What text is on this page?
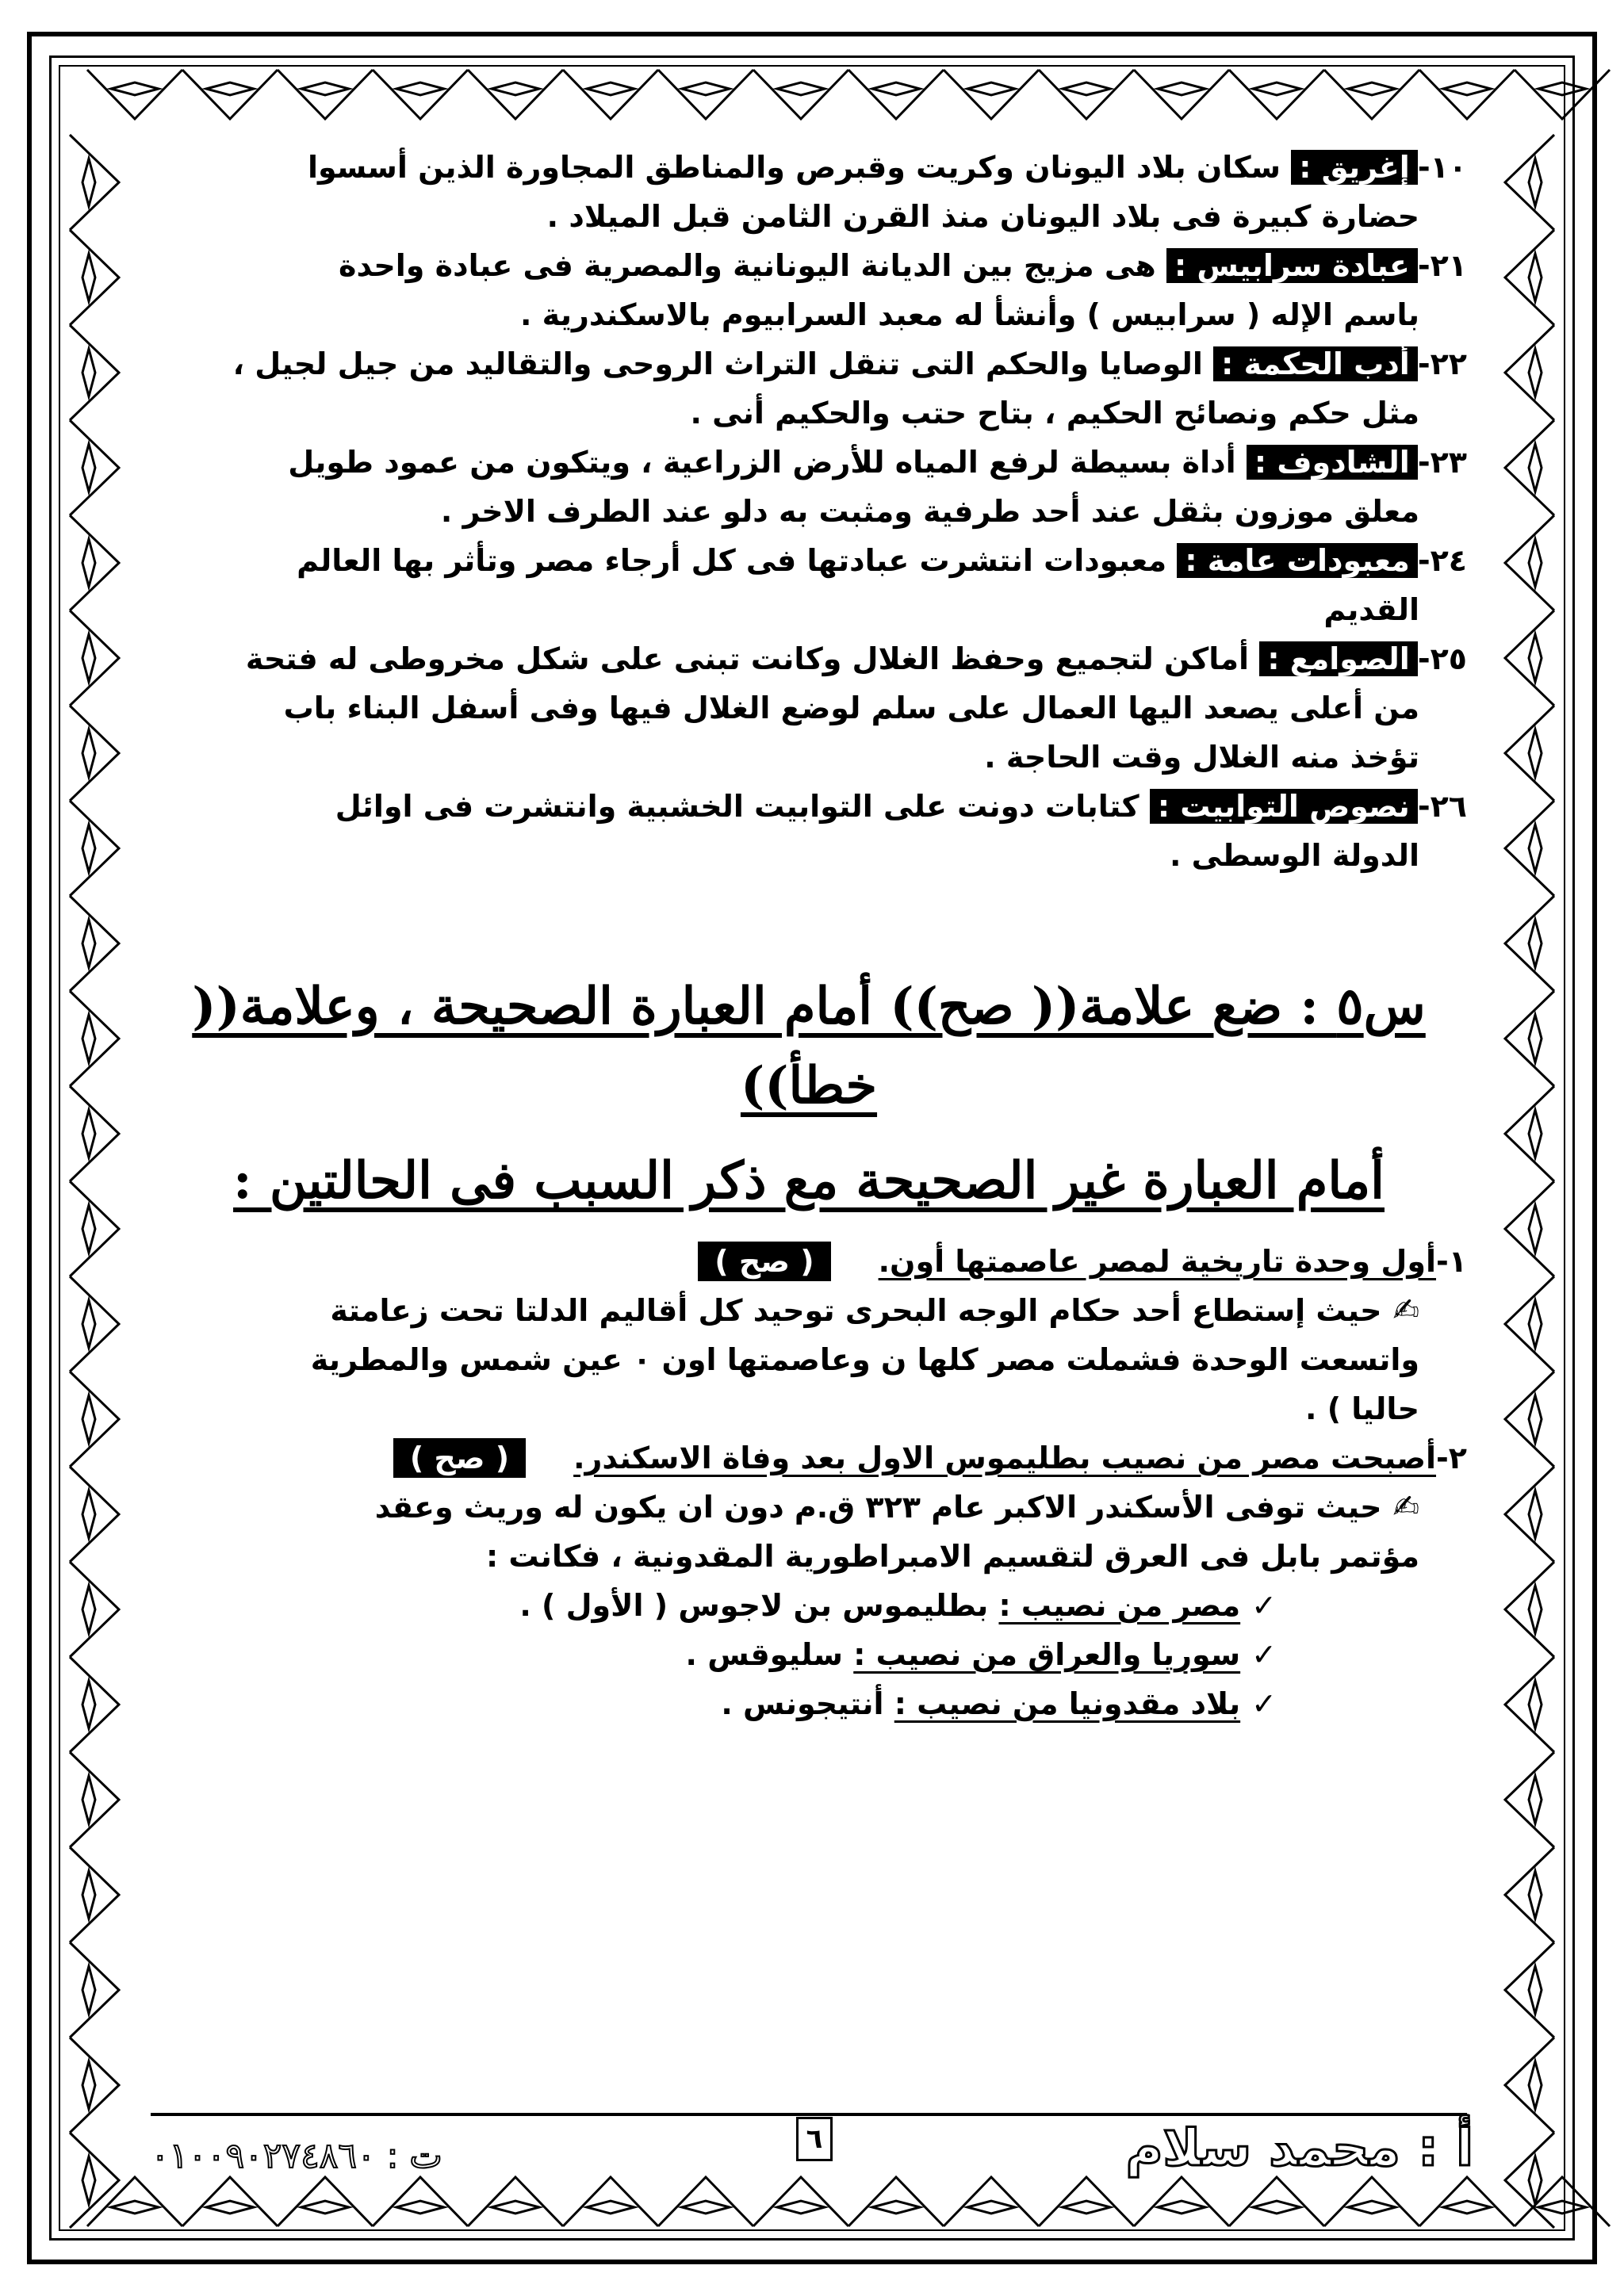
١٠-إغريق : سكان بلاد اليونان وكريت وقبرص والمناطق المجاورة الذين أسسوا
حضارة كبيرة فى بلاد اليونان منذ القرن الثامن قبل الميلاد .
٢١-عبادة سرابيس : هى مزيج بين الديانة اليونانية والمصرية فى عبادة واحدة
باسم الإله ( سرابيس ) وأنشأ له معبد السرابيوم بالاسكندرية .
٢٢-أدب الحكمة : الوصايا والحكم التى تنقل التراث الروحى والتقاليد من جيل لجيل ،
مثل حكم ونصائح الحكيم ، بتاح حتب والحكيم أنى .
٢٣-الشادوف : أداة بسيطة لرفع المياه للأرض الزراعية ، ويتكون من عمود طويل
معلق موزون بثقل عند أحد طرفية ومثبت به دلو عند الطرف الاخر .
٢٤-معبودات عامة : معبودات انتشرت عبادتها فى كل أرجاء مصر وتأثر بها العالم
القديم
٢٥-الصوامع : أماكن لتجميع وحفظ الغلال وكانت تبنى على شكل مخروطى له فتحة
من أعلى يصعد اليها العمال على سلم لوضع الغلال فيها وفى أسفل البناء باب
تؤخذ منه الغلال وقت الحاجة .
٢٦-نصوص التوابيت : كتابات دونت على التوابيت الخشبية وانتشرت فى اوائل
الدولة الوسطى .
س٥ : ضع علامة(( صح)) أمام العبارة الصحيحة ، وعلامة(( خطأ))
أمام العبارة غير الصحيحة مع ذكر السبب فى الحالتين :
١-أول وحدة تاريخية لمصر عاصمتها أون.( صح )
✍حيث إستطاع أحد حكام الوجه البحرى توحيد كل أقاليم الدلتا تحت زعامتة
واتسعت الوحدة فشملت مصر كلها ن وعاصمتها اون ٠ عين شمس والمطرية
حاليا ) .
٢-أصبحت مصر من نصيب بطليموس الاول بعد وفاة الاسكندر.( صح )
✍حيث توفى الأسكندر الاكبر عام ٣٢٣ ق.م دون ان يكون له وريث وعقد
مؤتمر بابل فى العرق لتقسيم الامبراطورية المقدونية ، فكانت :
✓مصر من نصيب : بطليموس بن لاجوس ( الأول ) .
✓سوريا والعراق من نصيب : سليوقس .
✓بلاد مقدونيا من نصيب : أنتيجونس .
أ : محمد سلام
٦
ت : ٠١٠٠٩٠٢٧٤٨٦٠
